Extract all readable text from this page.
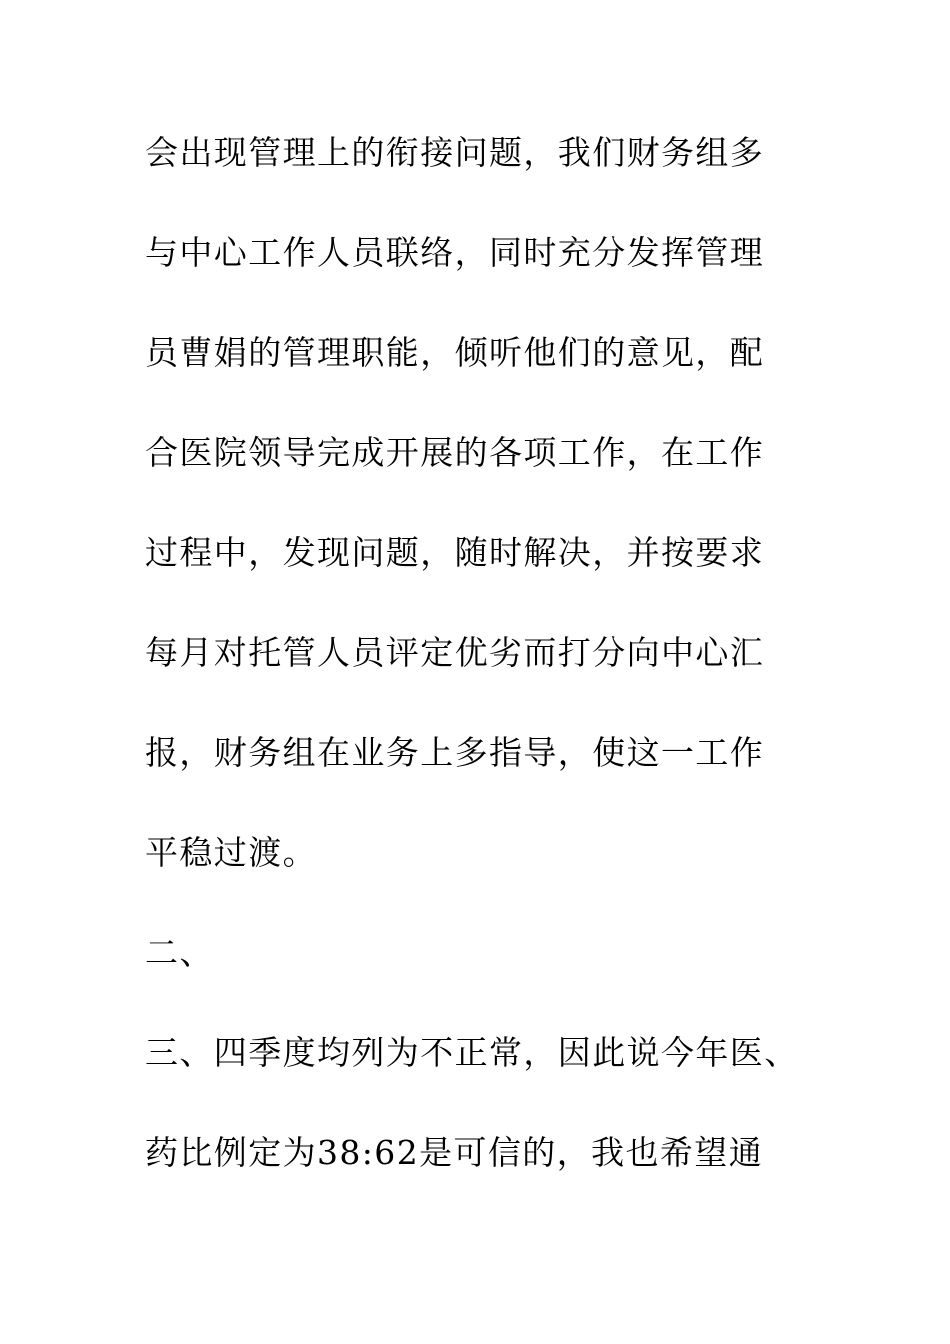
会出现管理上的衔接问题，我们财务组多
与中心工作人员联络，同时充分发挥管理
员曹娟的管理职能，倾听他们的意见，配
合医院领导完成开展的各项工作，在工作
过程中，发现问题，随时解决，并按要求
每月对托管人员评定优劣而打分向中心汇
报，财务组在业务上多指导，使这一工作
平稳过渡。
二、
三、四季度均列为不正常，因此说今年医、
药比例定为38:62是可信的，我也希望通
